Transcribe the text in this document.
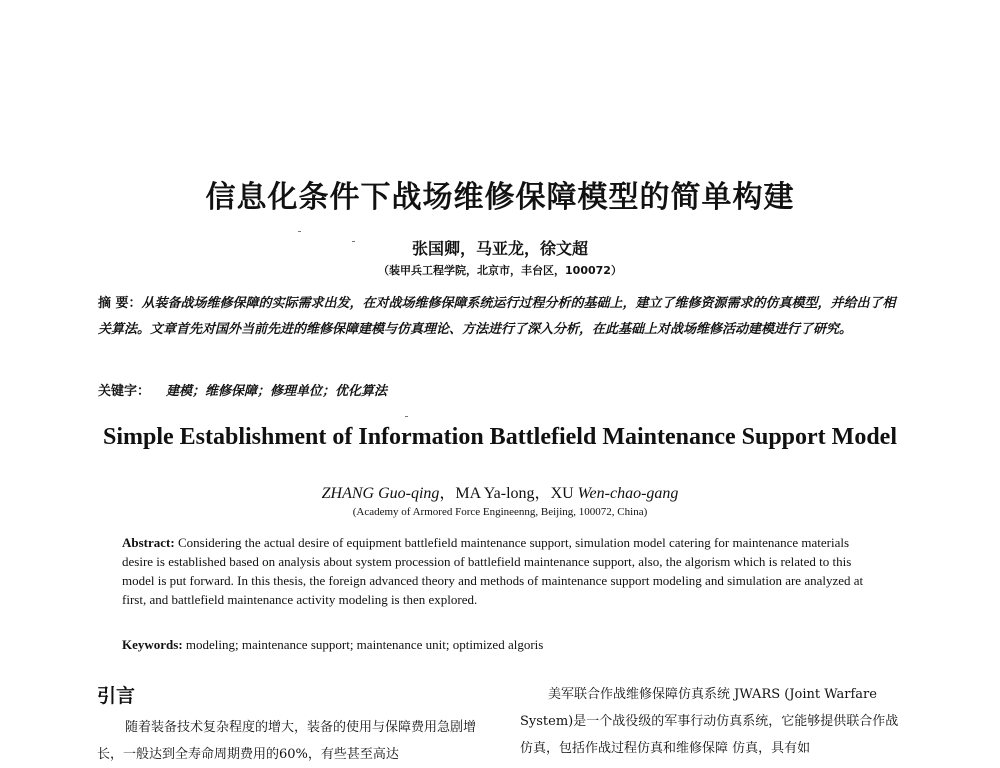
信息化条件下战场维修保障模型的简单构建
张国卿，马亚龙，徐文超
（装甲兵工程学院，北京市，丰台区，100072）
摘 要：从装备战场维修保障的实际需求出发，在对战场维修保障系统运行过程分析的基础上，建立了维修资源需求的仿真模型，并给出了相关算法。文章首先对国外当前先进的维修保障建模与仿真理论、方法进行了深入分析，在此基础上对战场维修活动建模进行了研究。
关键字： 建模；维修保障；修理单位；优化算法
Simple Establishment of Information Battlefield Maintenance Support Model
ZHANG Guo-qing，MA Ya-long，XU Wen-chao-gang
(Academy of Armored Force Engineenng, Beijing, 100072, China)
Abstract: Considering the actual desire of equipment battlefield maintenance support, simulation model catering for maintenance materials desire is established based on analysis about system procession of battlefield maintenance support, also, the algorism which is related to this model is put forward. In this thesis, the foreign advanced theory and methods of maintenance support modeling and simulation are analyzed at first, and battlefield maintenance activity modeling is then explored.
Keywords: modeling; maintenance support; maintenance unit; optimized algoris
引言
随着装备技术复杂程度的增大，装备的使用与保障费用急剧增长，一般达到全寿命周期费用的60%，有些甚至高达
美军联合作战维修保障仿真系统 JWARS (Joint Warfare System)是一个战役级的军事行动仿真系统，它能够提供联合作战仿真，包括作战过程仿真和维修保障 仿真，具有如
